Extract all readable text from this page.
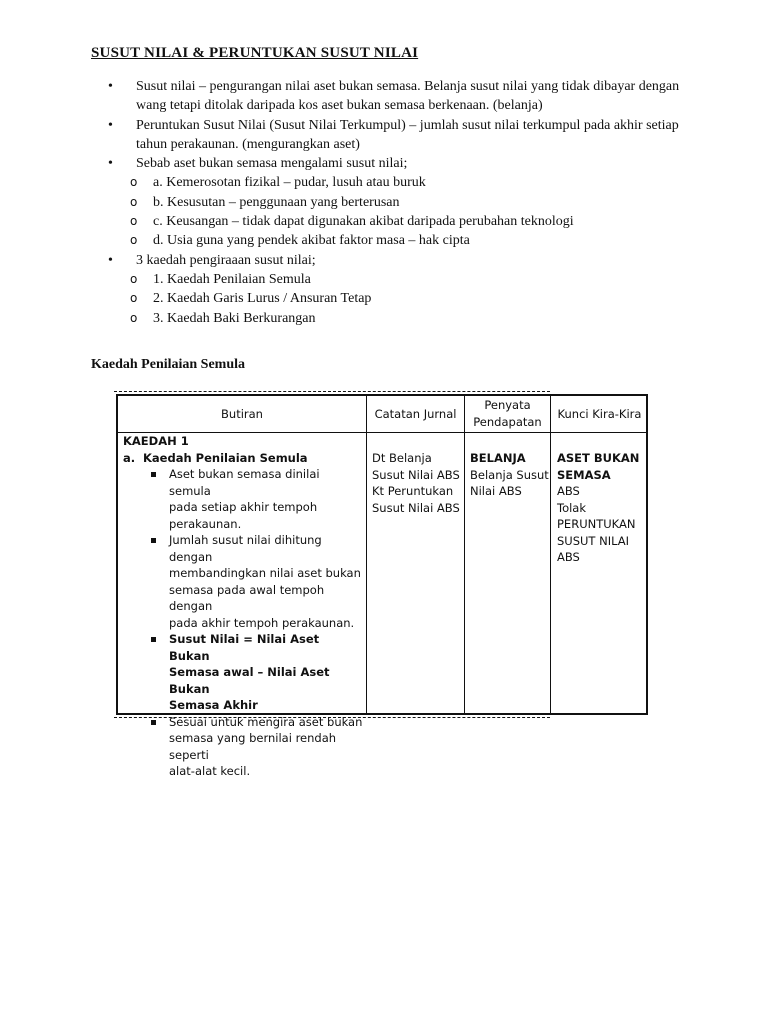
SUSUT NILAI & PERUNTUKAN SUSUT NILAI
• Susut nilai – pengurangan nilai aset bukan semasa. Belanja susut nilai yang tidak dibayar dengan
wang tetapi ditolak daripada kos aset bukan semasa berkenaan. (belanja)
• Peruntukan Susut Nilai (Susut Nilai Terkumpul) – jumlah susut nilai terkumpul pada akhir setiap
tahun perakaunan. (mengurangkan aset)
• Sebab aset bukan semasa mengalami susut nilai;
o a. Kemerosotan fizikal – pudar, lusuh atau buruk
o b. Kesusutan – penggunaan yang berterusan
o c. Keusangan – tidak dapat digunakan akibat daripada perubahan teknologi
o d. Usia guna yang pendek akibat faktor masa – hak cipta
• 3 kaedah pengiraaan susut nilai;
o 1. Kaedah Penilaian Semula
o 2. Kaedah Garis Lurus / Ansuran Tetap
o 3. Kaedah Baki Berkurangan
Kaedah Penilaian Semula
Butiran	Catatan Jurnal
Penyata
Pendapatan
Kunci Kira-Kira
KAEDAH 1
a. Kaedah Penilaian Semula
Aset bukan semasa dinilai semula
pada setiap akhir tempoh
perakaunan.
Jumlah susut nilai dihitung dengan
membandingkan nilai aset bukan
semasa pada awal tempoh dengan
pada akhir tempoh perakaunan.
Susut Nilai = Nilai Aset Bukan
Semasa awal – Nilai Aset Bukan
Semasa Akhir
Sesuai untuk mengira aset bukan
semasa yang bernilai rendah seperti
alat-alat kecil.
Dt Belanja
Susut Nilai ABS
Kt Peruntukan
Susut Nilai ABS
BELANJA
Belanja Susut
Nilai ABS
ASET BUKAN
SEMASA
ABS
Tolak
PERUNTUKAN
SUSUT NILAI
ABS
